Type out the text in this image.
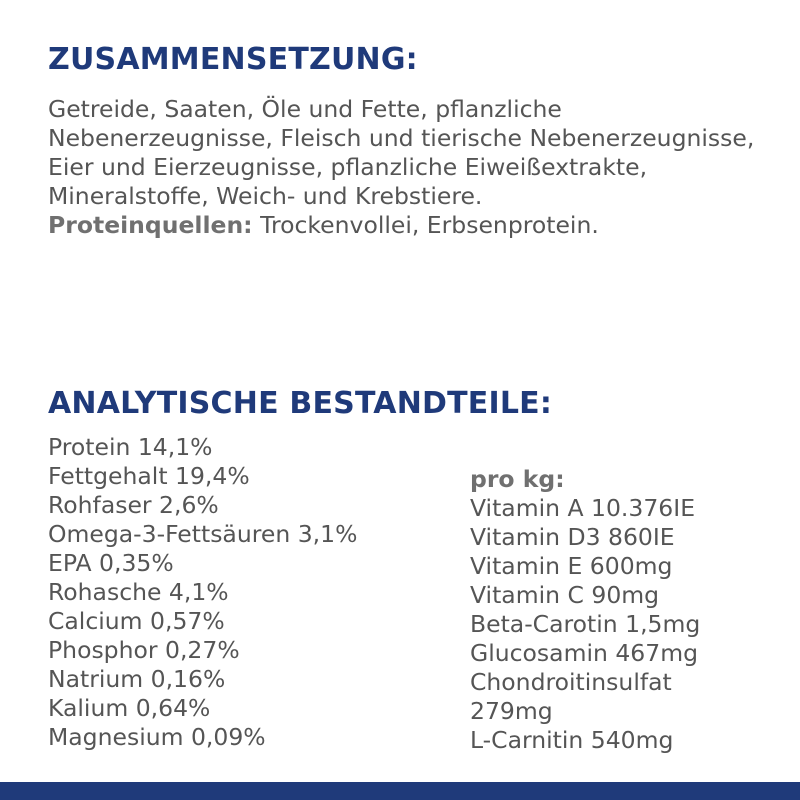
ZUSAMMENSETZUNG:

Getreide, Saaten, Öle und Fette, pflanzliche Nebenerzeugnisse, Fleisch und tierische Nebenerzeugnisse, Eier und Eierzeugnisse, pflanzliche Eiweißextrakte, Mineralstoffe, Weich- und Krebstiere.

Proteinquellen: Trockenvollei, Erbsenprotein.

ANALYTISCHE BESTANDTEILE:
Protein 14,1%
Fettgehalt 19,4%
Rohfaser 2,6%
Omega-3-Fettsäuren 3,1%
EPA 0,35%
Rohasche 4,1%
Calcium 0,57%
Phosphor 0,27%
Natrium 0,16%
Kalium 0,64%
Magnesium 0,09%
pro kg:
Vitamin A 10.376IE
Vitamin D3 860IE
Vitamin E 600mg
Vitamin C 90mg
Beta-Carotin 1,5mg
Glucosamin 467mg
Chondroitinsulfat 279mg
L-Carnitin 540mg
